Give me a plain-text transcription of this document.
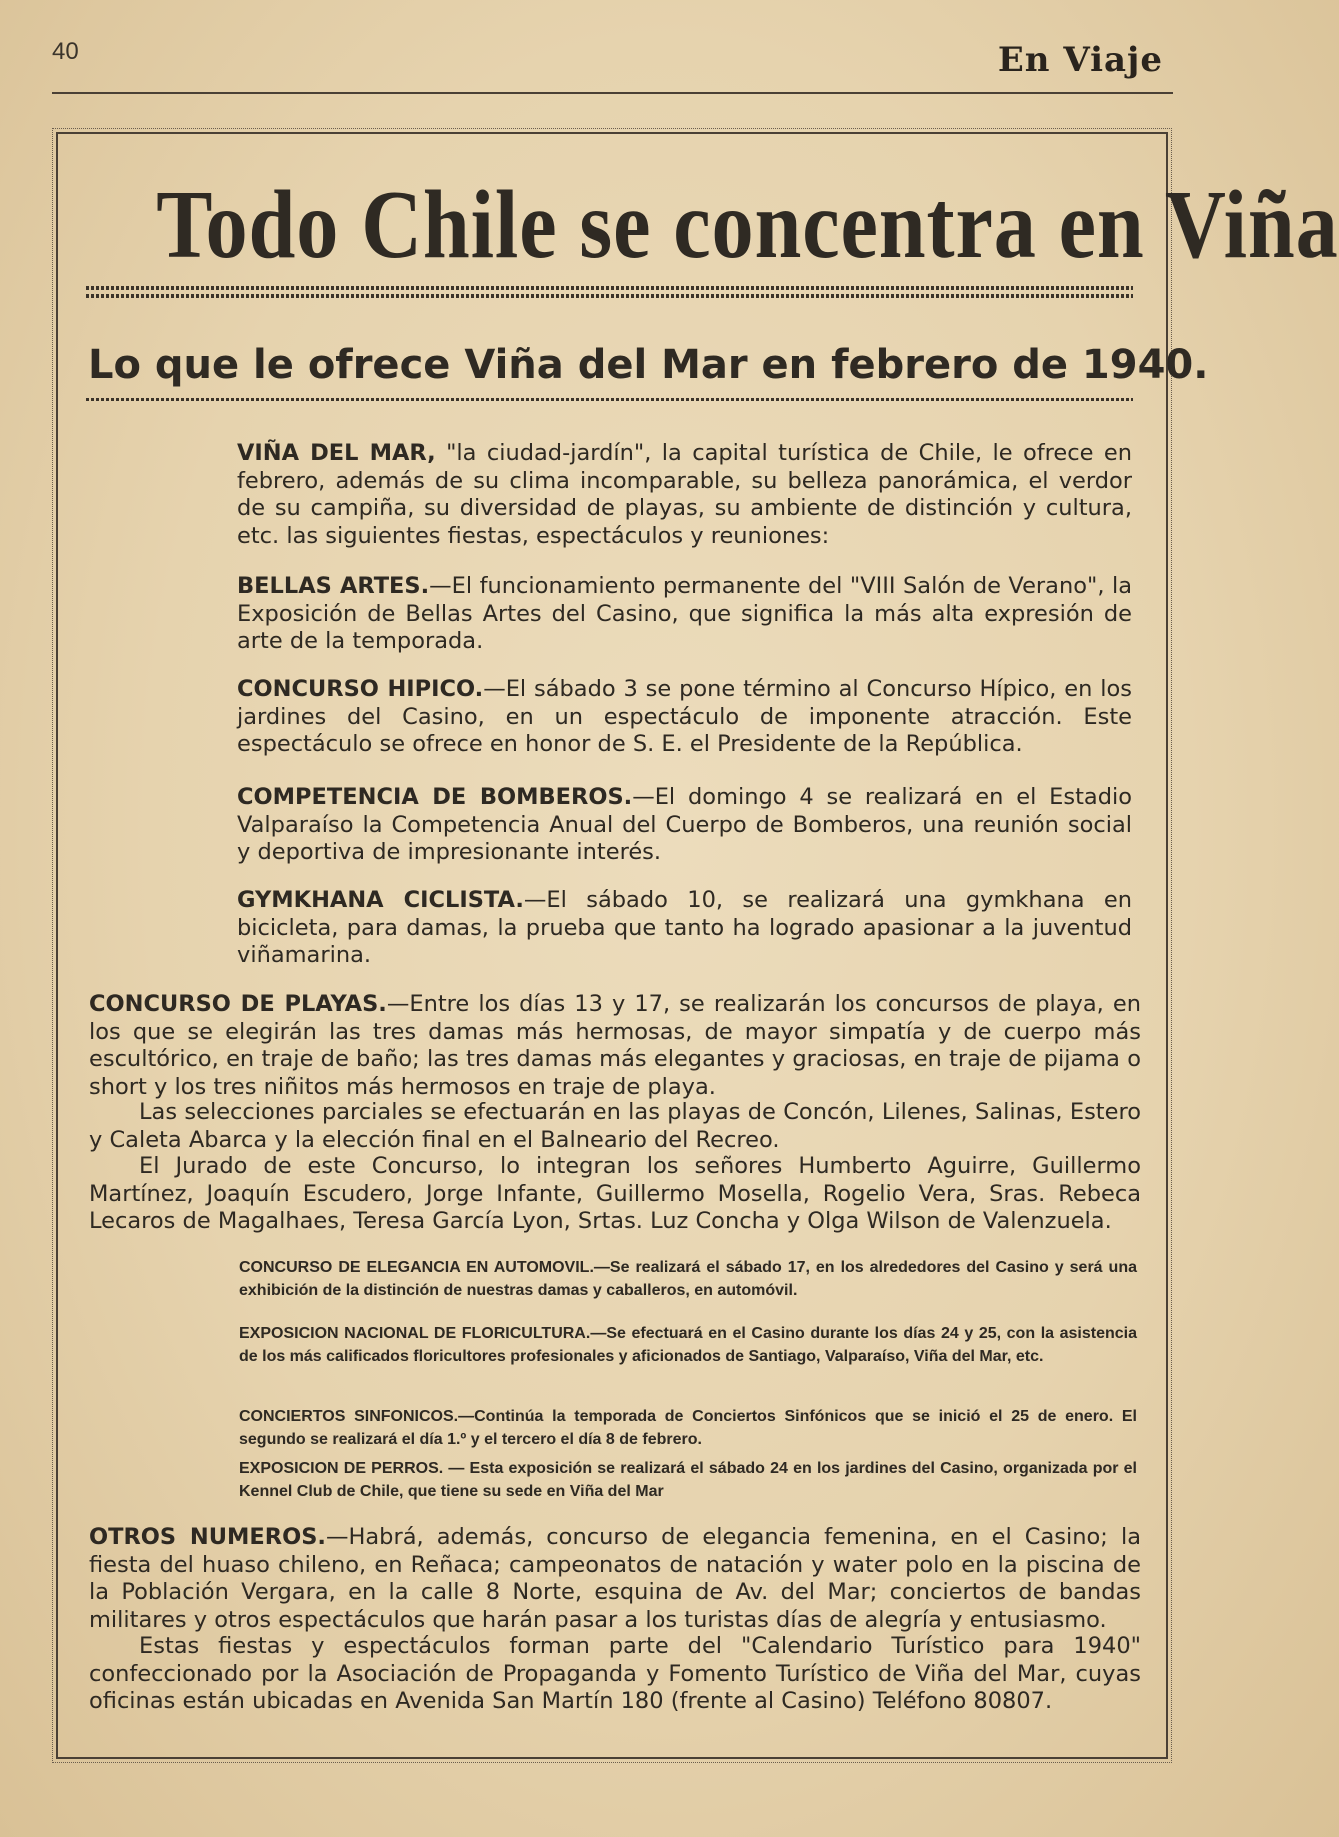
40	En Viaje
Todo Chile se concentra en Viña
Lo que le ofrece Viña del Mar en febrero de 1940.

VIÑA DEL MAR, "la ciudad-jardín", la capital turística de Chile, le ofrece en febrero, además de su clima incomparable, su belleza panorámica, el verdor de su campiña, su diversidad de playas, su ambiente de distinción y cultura, etc. las siguientes fiestas, espectáculos y reuniones:

BELLAS ARTES.—El funcionamiento permanente del "VIII Salón de Verano", la Exposición de Bellas Artes del Casino, que significa la más alta expresión de arte de la temporada.

CONCURSO HIPICO.—El sábado 3 se pone término al Concurso Hípico, en los jardines del Casino, en un espectáculo de imponente atracción. Este espectáculo se ofrece en honor de S. E. el Presidente de la República.

COMPETENCIA DE BOMBEROS.—El domingo 4 se realizará en el Estadio Valparaíso la Competencia Anual del Cuerpo de Bomberos, una reunión social y deportiva de impresionante interés.

GYMKHANA CICLISTA.—El sábado 10, se realizará una gymkhana en bicicleta, para damas, la prueba que tanto ha logrado apasionar a la juventud viñamarina.

CONCURSO DE PLAYAS.—Entre los días 13 y 17, se realizarán los concursos de playa, en los que se elegirán las tres damas más hermosas, de mayor simpatía y de cuerpo más escultórico, en traje de baño; las tres damas más elegantes y graciosas, en traje de pijama o short y los tres niñitos más hermosos en traje de playa.

Las selecciones parciales se efectuarán en las playas de Concón, Lilenes, Salinas, Estero y Caleta Abarca y la elección final en el Balneario del Recreo.

El Jurado de este Concurso, lo integran los señores Humberto Aguirre, Guillermo Martínez, Joaquín Escudero, Jorge Infante, Guillermo Mosella, Rogelio Vera, Sras. Rebeca Lecaros de Magalhaes, Teresa García Lyon, Srtas. Luz Concha y Olga Wilson de Valenzuela.

CONCURSO DE ELEGANCIA EN AUTOMOVIL.—Se realizará el sábado 17, en los alrededores del Casino y será una exhibición de la distinción de nuestras damas y caballeros, en automóvil.

EXPOSICION NACIONAL DE FLORICULTURA.—Se efectuará en el Casino durante los días 24 y 25, con la asistencia de los más calificados floricultores profesionales y aficionados de Santiago, Valparaíso, Viña del Mar, etc.

CONCIERTOS SINFONICOS.—Continúa la temporada de Conciertos Sinfónicos que se inició el 25 de enero. El segundo se realizará el día 1.º y el tercero el día 8 de febrero.

EXPOSICION DE PERROS. — Esta exposición se realizará el sábado 24 en los jardines del Casino, organizada por el Kennel Club de Chile, que tiene su sede en Viña del Mar

OTROS NUMEROS.—Habrá, además, concurso de elegancia femenina, en el Casino; la fiesta del huaso chileno, en Reñaca; campeonatos de natación y water polo en la piscina de la Población Vergara, en la calle 8 Norte, esquina de Av. del Mar; conciertos de bandas militares y otros espectáculos que harán pasar a los turistas días de alegría y entusiasmo.

Estas fiestas y espectáculos forman parte del "Calendario Turístico para 1940" confeccionado por la Asociación de Propaganda y Fomento Turístico de Viña del Mar, cuyas oficinas están ubicadas en Avenida San Martín 180 (frente al Casino) Teléfono 80807.
